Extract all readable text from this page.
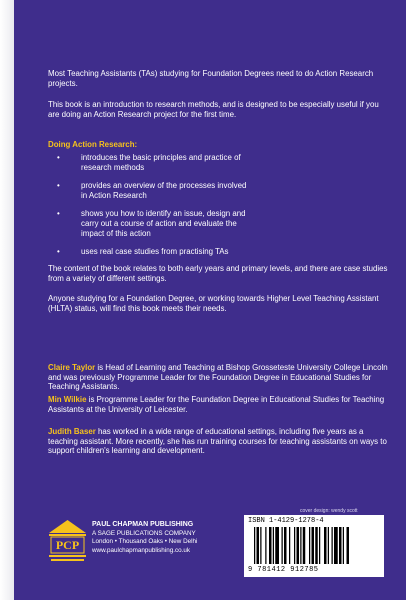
Most Teaching Assistants (TAs) studying for Foundation Degrees need to do Action Research projects.
This book is an introduction to research methods, and is designed to be especially useful if you are doing an Action Research project for the first time.
Doing Action Research:
•	introduces the basic principles and practice of
research methods
•	provides an overview of the processes involved
in Action Research
•	shows you how to identify an issue, design and
carry out a course of action and evaluate the
impact of this action
•	uses real case studies from practising TAs
The content of the book relates to both early years and primary levels, and there are case studies from a variety of different settings.
Anyone studying for a Foundation Degree, or working towards Higher Level Teaching Assistant (HLTA) status, will find this book meets their needs.
Claire Taylor is Head of Learning and Teaching at Bishop Grosseteste University College Lincoln and was previously Programme Leader for the Foundation Degree in Educational Studies for Teaching Assistants.
Min Wilkie is Programme Leader for the Foundation Degree in Educational Studies for Teaching Assistants at the University of Leicester.
Judith Baser has worked in a wide range of educational settings, including five years as a teaching assistant. More recently, she has run training courses for teaching assistants on ways to support children's learning and development.
cover design: wendy scott
PCP
PAUL CHAPMAN PUBLISHING
A SAGE PUBLICATIONS COMPANY
London • Thousand Oaks • New Delhi
www.paulchapmanpublishing.co.uk
ISBN 1-4129-1278-4
9 781412 912785
